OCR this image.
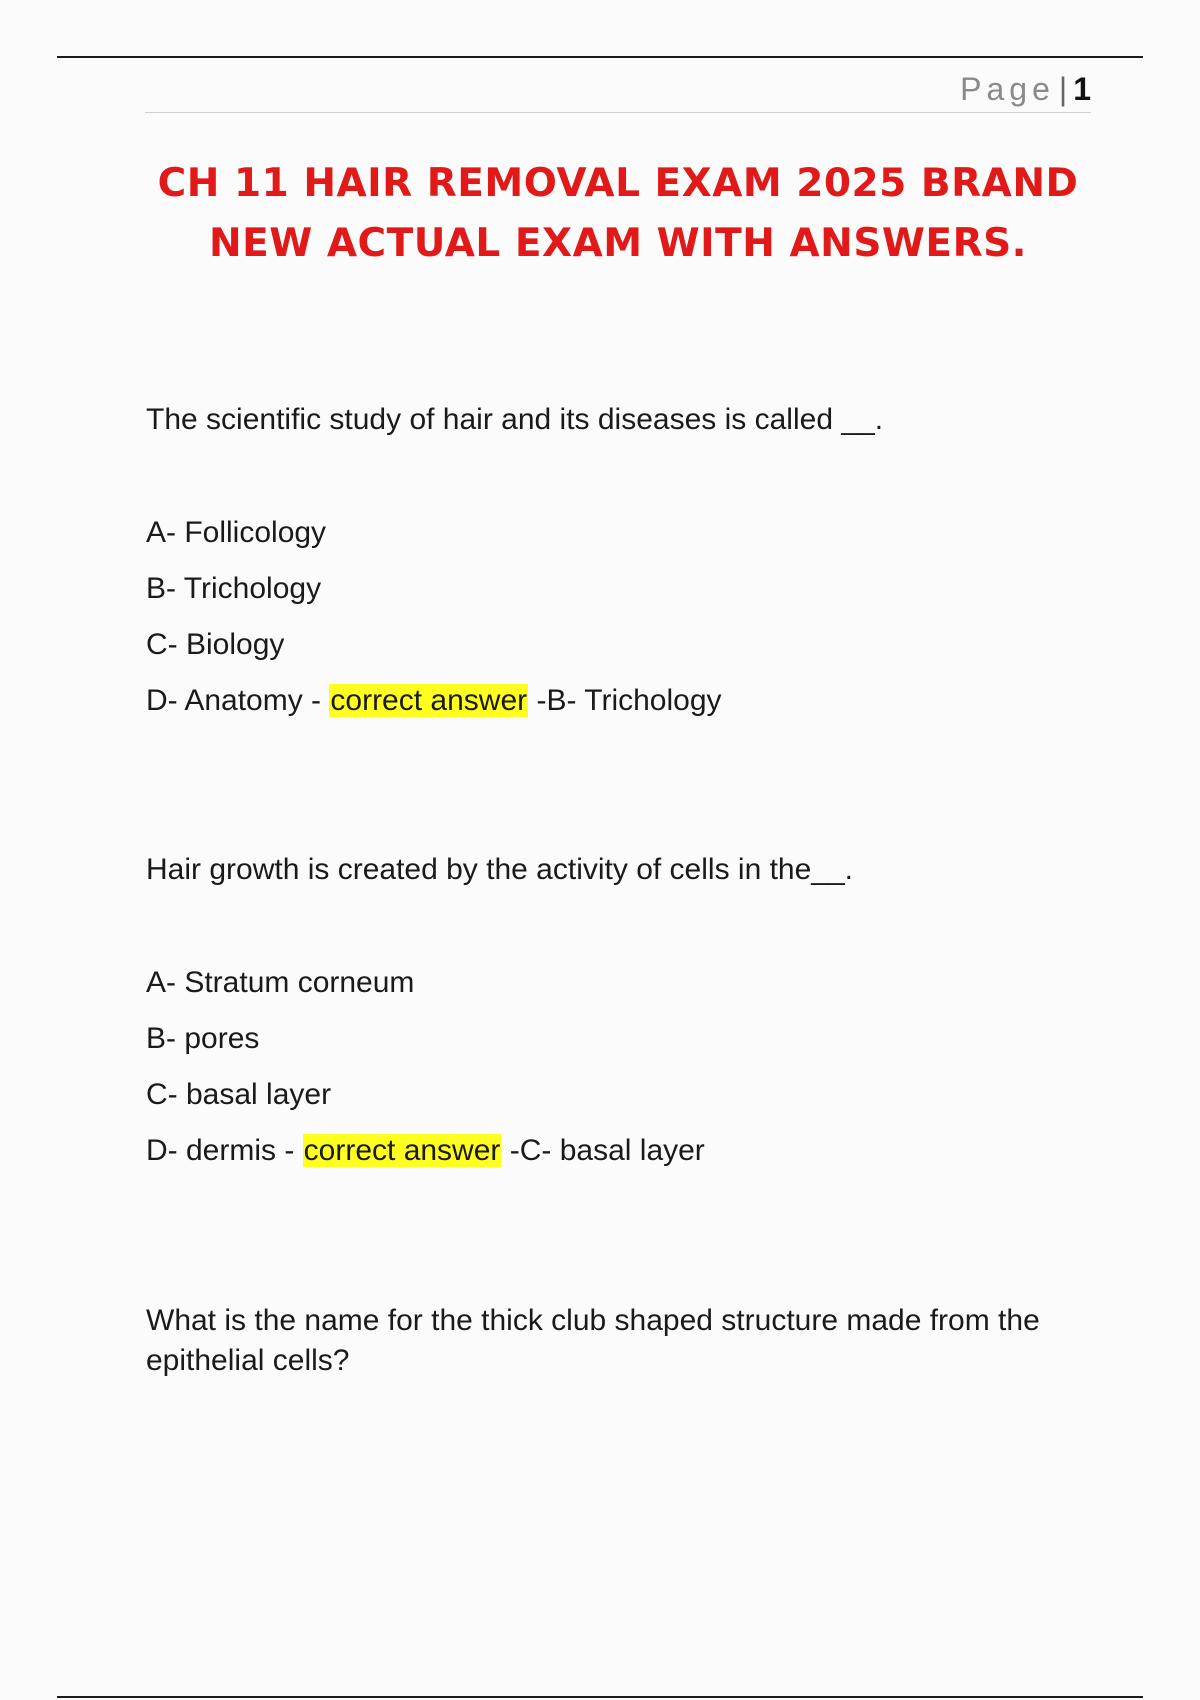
Page | 1
CH 11 HAIR REMOVAL EXAM 2025 BRAND
NEW ACTUAL EXAM WITH ANSWERS.

The scientific study of hair and its diseases is called __.

A- Follicology
B- Trichology
C- Biology
D- Anatomy - correct answer -B- Trichology

Hair growth is created by the activity of cells in the__.

A- Stratum corneum
B- pores
C- basal layer
D- dermis - correct answer -C- basal layer

What is the name for the thick club shaped structure made from the epithelial cells?
